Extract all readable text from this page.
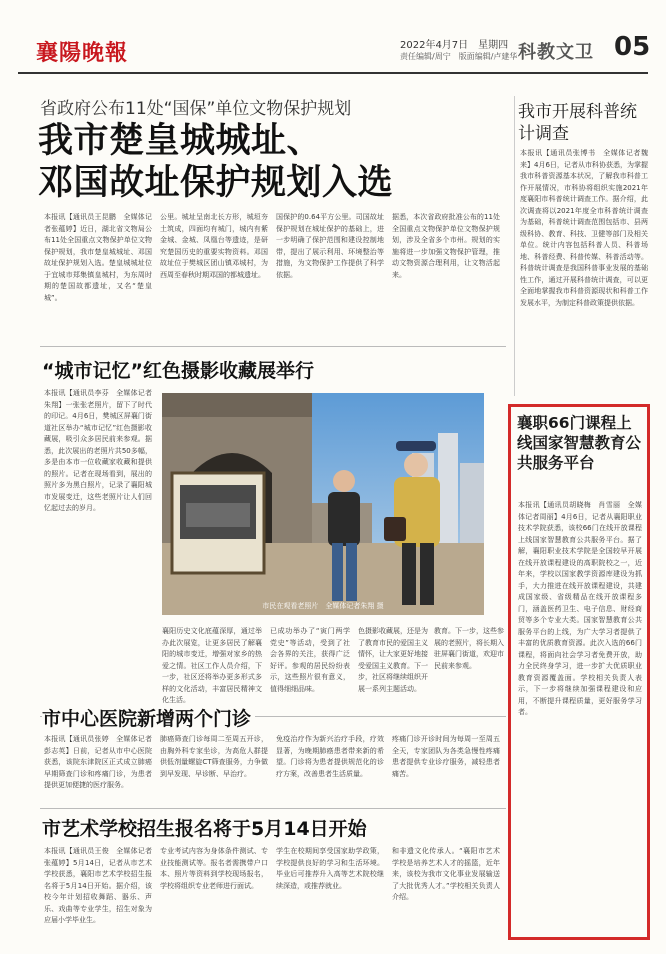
襄陽晚報	2022年4月7日　星期四
责任编辑/周宁　版面编辑/卢建华 科教文卫 05
省政府公布11处“国保”单位文物保护规划
我市楚皇城城址、
邓国故址保护规划入选
本报讯【通讯员王昆鹏　全媒体记者张蕴婷】近日，湖北省文物局公布11处全国重点文物保护单位文物保护规划，我市楚皇城城址、邓国故址保护规划入选。楚皇城城址位于宜城市郑集镇皇城村，为东周时期的楚国故都遗址，又名“楚皇城”。
公里。城址呈南北长方形，城垣夯土筑成，四面均有城门，城内有紫金城、金城、凤凰台等遗迹，是研究楚国历史的重要实物资料。邓国故址位于樊城区团山镇邓城村，为西周至春秋时期邓国的都城遗址。
国保护的0.64平方公里。司国故址保护规划在城址保护的基础上，进一步明确了保护范围和建设控制地带，提出了展示利用、环境整治等措施，为文物保护工作提供了科学依据。
据悉，本次省政府批准公布的11处全国重点文物保护单位文物保护规划，涉及全省多个市州。规划的实施将进一步加强文物保护管理，推动文物资源合理利用，让文物活起来。
我市开展科普统计调查
本报讯【通讯员张博书　全媒体记者魏来】4月6日，记者从市科协获悉，为掌握我市科普资源基本状况，了解我市科普工作开展情况，市科协将组织实施2021年度襄阳市科普统计调查工作。据介绍，此次调查将以2021年度全市科普统计调查为基础，科普统计调查范围包括市、县两级科协、教育、科技、卫健等部门及相关单位。统计内容包括科普人员、科普场地、科普经费、科普传媒、科普活动等。科普统计调查是我国科普事业发展的基础性工作，通过开展科普统计调查，可以更全面地掌握我市科普资源现状和科普工作发展水平，为制定科普政策提供依据。
“城市记忆”红色摄影收藏展举行
本报讯【通讯员李芬　全媒体记者朱翔】一张张老照片，留下了时代的印记。4月6日，樊城区屏襄门街道社区举办“城市记忆”红色摄影收藏展，吸引众多居民前来参观。据悉，此次展出的老照片共50多幅，多是由本市一位收藏家收藏和提供的照片。记者在现场看到，展出的照片多为黑白照片，记录了襄阳城市发展变迁，这些老照片让人们回忆起过去的岁月。
市民在观看老照片　全媒体记者朱翔 摄
襄阳历史文化底蕴深厚，通过举办此次展览，让更多居民了解襄阳的城市变迁，增强对家乡的热爱之情。社区工作人员介绍，下一步，社区还将举办更多形式多样的文化活动，丰富居民精神文化生活。
已成功举办了“寅门两学党史”等活动，受到了社会各界的关注，获得广泛好评。参观的居民纷纷表示，这些照片很有意义，值得细细品味。
色摄影收藏展，还是为了教育市民的爱国主义情怀，让大家更好地接受爱国主义教育。下一步，社区将继续组织开展一系列主题活动。
教育。下一步，这些参展的老照片，将长期入驻屏襄门街道，欢迎市民前来参观。
市中心医院新增两个门诊
本报讯【通讯员张婷　全媒体记者彭志英】日前，记者从市中心医院获悉，该院东津院区正式成立肺癌早期筛查门诊和疼痛门诊，为患者提供更加便捷的医疗服务。
肺癌筛查门诊每周二至周五开诊，由胸外科专家坐诊，为高危人群提供低剂量螺旋CT筛查服务，力争做到早发现、早诊断、早治疗。
免疫治疗作为新兴治疗手段，疗效显著，为晚期肺癌患者带来新的希望。门诊将为患者提供规范化的诊疗方案，改善患者生活质量。
疼痛门诊开诊时间为每周一至周五全天，专家团队为各类急慢性疼痛患者提供专业诊疗服务，减轻患者痛苦。
市艺术学校招生报名将于5月14日开始
本报讯【通讯员王俊　全媒体记者张蕴婷】5月14日，记者从市艺术学校获悉，襄阳市艺术学校招生报名将于5月14日开始。据介绍，该校今年计划招收舞蹈、器乐、声乐、戏曲等专业学生，招生对象为应届小学毕业生。
专业考试内容为身体条件测试、专业技能测试等。报名者需携带户口本、照片等资料到学校现场报名，学校将组织专业老师进行面试。
学生在校期间享受国家助学政策，学校提供良好的学习和生活环境。毕业后可推荐升入高等艺术院校继续深造，或推荐就业。
和非遗文化传承人。“襄阳市艺术学校是培养艺术人才的摇篮，近年来，该校为我市文化事业发展输送了大批优秀人才。”学校相关负责人介绍。
襄职66门课程上线国家智慧教育公共服务平台
本报讯【通讯员胡晓梅　肖雪丽　全媒体记者周丽】4月6日，记者从襄阳职业技术学院获悉，该校66门在线开放课程上线国家智慧教育公共服务平台。据了解，襄阳职业技术学院是全国较早开展在线开放课程建设的高职院校之一，近年来，学校以国家教学资源库建设为抓手，大力推进在线开放课程建设，共建成国家级、省级精品在线开放课程多门，涵盖医药卫生、电子信息、财经商贸等多个专业大类。国家智慧教育公共服务平台的上线，为广大学习者提供了丰富的优质教育资源。此次入选的66门课程，将面向社会学习者免费开放，助力全民终身学习，进一步扩大优质职业教育资源覆盖面。学校相关负责人表示，下一步将继续加强课程建设和应用，不断提升课程质量，更好服务学习者。
